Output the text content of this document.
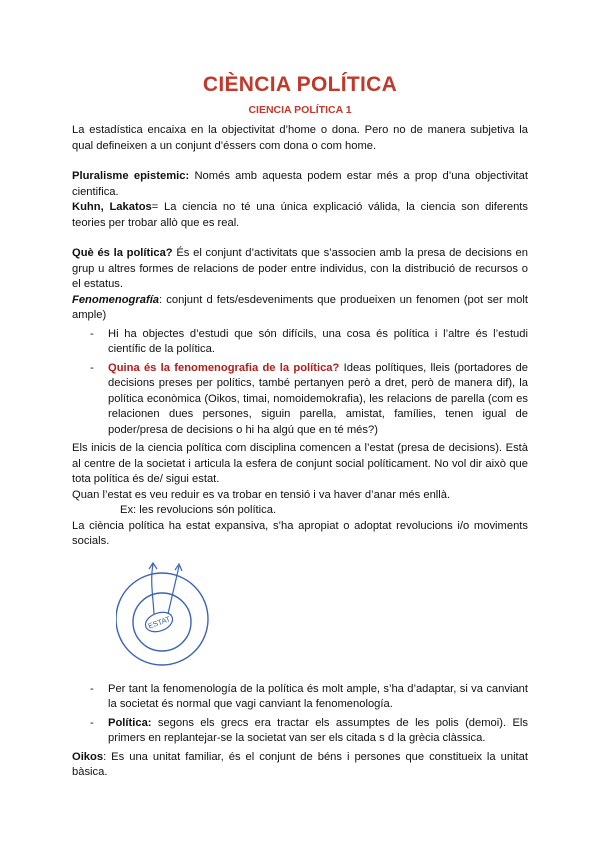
CIÈNCIA POLÍTICA
CIENCIA POLÍTICA 1

La estadística encaixa en la objectivitat d’home o dona. Pero no de manera subjetiva la qual defineixen a un conjunt d’éssers com dona o com home.

Pluralisme epistemic: Només amb aquesta podem estar més a prop d’una objectivitat cientifica.

Kuhn, Lakatos= La ciencia no té una única explicació válida, la ciencia son diferents teories per trobar allò que es real.

Què és la política? És el conjunt d’activitats que s’associen amb la presa de decisions en grup u altres formes de relacions de poder entre individus, con la distribució de recursos o el estatus.

Fenomenografía: conjunt d fets/esdeveniments que produeixen un fenomen (pot ser molt ample)

- Hi ha objectes d’estudi que són difícils, una cosa és política i l’altre és l’estudi científic de la política.
- Quina és la fenomenografia de la política? Ideas polítiques, lleis (portadores de decisions preses per polítics, també pertanyen però a dret, però de manera dif), la política econòmica (Oikos, timai, nomoidemokrafia), les relacions de parella (com es relacionen dues persones, siguin parella, amistat, famílies, tenen igual de poder/presa de decisions o hi ha algú que en té més?)

Els inicis de la ciencia política com disciplina comencen a l’estat (presa de decisions). Està al centre de la societat i articula la esfera de conjunt social políticament. No vol dir això que tota política és de/ sigui estat.

Quan l’estat es veu reduir es va trobar en tensió i va haver d’anar més enllà.

Ex: les revolucions són política.

La ciència política ha estat expansiva, s’ha apropiat o adoptat revolucions i/o moviments socials.

ESTAT
- Per tant la fenomenología de la política és molt ample, s’ha d’adaptar, si va canviant la societat és normal que vagi canviant la fenomenología.
- Política: segons els grecs era tractar els assumptes de les polis (demoi). Els primers en replantejar-se la societat van ser els citada s d la grècia clàssica.

Oikos: Es una unitat familiar, és el conjunt de béns i persones que constitueix la unitat bàsica.
